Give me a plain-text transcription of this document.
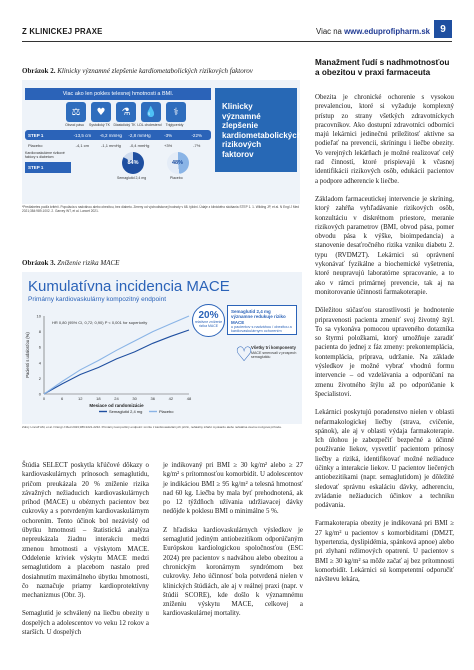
Z KLINICKEJ PRAXE	Viac na www.eduprofipharm.sk	9
Obrázok 2. Klinicky významné zlepšenie kardiometabolických rizikových faktorov
Viac ako len pokles telesnej hmotnosti a BMI.
⚖	♥	⚗	💧	⚕
Obvod pásu	Systolický TK Diastolický TK LDL cholesterol	Triglyceridy
STEP 1	-13,5 cm	-6,2 mmHg	-2,8 mmHg	-3%	-22%
Placebo	-4,1 cm	-1,1 mmHg	-0,4 mmHg	+3%	-7%
Kardiovaskulárne rizikové faktory s diabetom
STEP 1
84%	48%
Semaglutid 2,4 mg	Placebo
Klinicky významné zlepšenie kardiometabolických rizikových faktorov
*Prediabetes podľa kritérií. Populácia s nadváhou alebo obezitou, bez diabetu. Zmeny od východiskovej hodnoty v 68. týždni. Údaje z klinického skúšania STEP 1. 1. Wilding JP, et al. N Engl J Med 2021;384:989-1002. 2. Garvey WT, et al. Lancet 2021.
Obrázok 3. Zníženie rizika MACE
Kumulatívna incidencia MACE
Primárny kardiovaskulárny kompozitný endpoint
0
2
4
6
8
10
0	6	12	18	24	30	36	42	48
Mesiace od randomizácie
Pacienti s udalosťou (%)
HR 0,80 (95% CI, 0,72; 0,90) P < 0,001 for superiority
Semaglutid 2,4 mg	Placebo
20%
relatívne zníženie rizika MACE
Semaglutid 2,4 mg významne redukuje riziko MACE
u pacientov s nadváhou / obezitou a kardiovaskulárnym ochorením
♡
Všetky tri komponenty
MACE smerovali v prospech semaglutidu
Zdroj: Lincoff AM, et al. N Engl J Med 2023;389:2221-2232. Primárny kompozitný endpoint: úmrtie z kardiovaskulárnych príčin, nefatálny infarkt myokardu alebo nefatálna cievna mozgová príhoda.

Štúdia SELECT poskytla kľúčové dôkazy o kardiovaskulárnych prínosoch semaglutidu, pričom preukázala 20 % zníženie rizika závažných nežiaducich kardiovaskulárnych príhod (MACE) u obéznych pacientov bez cukrovky a s potvrdeným kardiovaskulárnym ochorením. Tento účinok bol nezávislý od úbytku hmotnosti – štatistická analýza nepreukázala žiadnu interakciu medzi zmenou hmotnosti a výskytom MACE. Oddelenie kriviek výskytu MACE medzi semaglutidom a placebom nastalo pred dosiahnutím maximálneho úbytku hmotnosti, čo naznačuje priamy kardioprotektívny mechanizmus (Obr. 3).

Semaglutid je schválený na liečbu obezity u dospelých a adolescentov vo veku 12 rokov a starších. U dospelých

je indikovaný pri BMI ≥ 30 kg/m² alebo ≥ 27 kg/m² s prítomnosťou komorbidít. U adolescentov je indikáciou BMI ≥ 95 kg/m² a telesná hmotnosť nad 60 kg. Liečba by mala byť prehodnotená, ak po 12 týždňoch užívania udržiavacej dávky nedôjde k poklesu BMI o minimálne 5 %.

Z hľadiska kardiovaskulárnych výsledkov je semaglutid jediným antiobezitikom odporúčaným Európskou kardiologickou spoločnosťou (ESC 2024) pre pacientov s nadváhou alebo obezitou a chronickým koronárnym syndrómom bez cukrovky. Jeho účinnosť bola potvrdená nielen v klinických štúdiách, ale aj v reálnej praxi (napr. v štúdii SCORE), kde došlo k významnému zníženiu výskytu MACE, celkovej a kardiovaskulárnej mortality.

Manažment ľudí s nadhmotnosťou a obezitou v praxi farmaceuta

Obezita je chronické ochorenie s vysokou prevalenciou, ktoré si vyžaduje komplexný prístup zo strany všetkých zdravotníckych pracovníkov. Ako dostupní zdravotníci odborníci majú lekárnici jedinečnú príležitosť aktívne sa podieľať na prevencii, skríningu i liečbe obezity. Vo verejných lekárňach je možné realizovať celý rad činností, ktoré prispievajú k včasnej identifikácii rizikových osôb, edukácii pacientov a podpore adherencie k liečbe.

Základom farmaceutickej intervencie je skríning, ktorý zahŕňa vyhľadávanie rizikových osôb, konzultáciu v diskrétnom priestore, meranie rizikových parametrov (BMI, obvod pása, pomer obvodu pása k výške, bioimpedancia) a stanovenie desaťročného rizika vzniku diabetu 2. typu (RVDM2T). Lekárnici sú oprávnení vykonávať fyzikálne a biochemické vyšetrenia, ktoré neupravujú laboratórne spracovanie, a to ako v rámci primárnej prevencie, tak aj na monitorovanie účinnosti farmakoterapie.

Dôležitou súčasťou starostlivosti je hodnotenie pripravenosti pacienta zmeniť svoj životný štýl. To sa vykonáva pomocou upraveného dotazníka so štyrmi položkami, ktorý umožňuje zaradiť pacienta do jednej z fáz zmeny: prekontemplácia, kontemplácia, príprava, udržanie. Na základe výsledkov je možné vybrať vhodnú formu intervencie – od vzdelávania a odporúčaní na zmenu životného štýlu až po odporúčanie k špecialistovi.

Lekárnici poskytujú poradenstvo nielen v oblasti nefarmakologickej liečby (strava, cvičenie, spánok), ale aj v oblasti výdaja farmakoterapie. Ich úlohou je zabezpečiť bezpečné a účinné používanie liekov, vysvetliť pacientom prínosy liečby a riziká, identifikovať možné nežiaduce účinky a interakcie liekov. U pacientov liečených antiobezitikami (napr. semaglutidom) je dôležité sledovať správnu eskaláciu dávky, adherenciu, zvládanie nežiaducich účinkov a techniku podávania.

Farmakoterapia obezity je indikovaná pri BMI ≥ 27 kg/m² u pacientov s komorbiditami (DM2T, hypertenzia, dyslipidémia, spánková apnoe) alebo pri zlyhaní režimových opatrení. U pacientov s BMI ≥ 30 kg/m² sa môže začať aj bez prítomnosti komorbidít. Lekárnici sú kompetentní odporučiť návštevu lekára,
